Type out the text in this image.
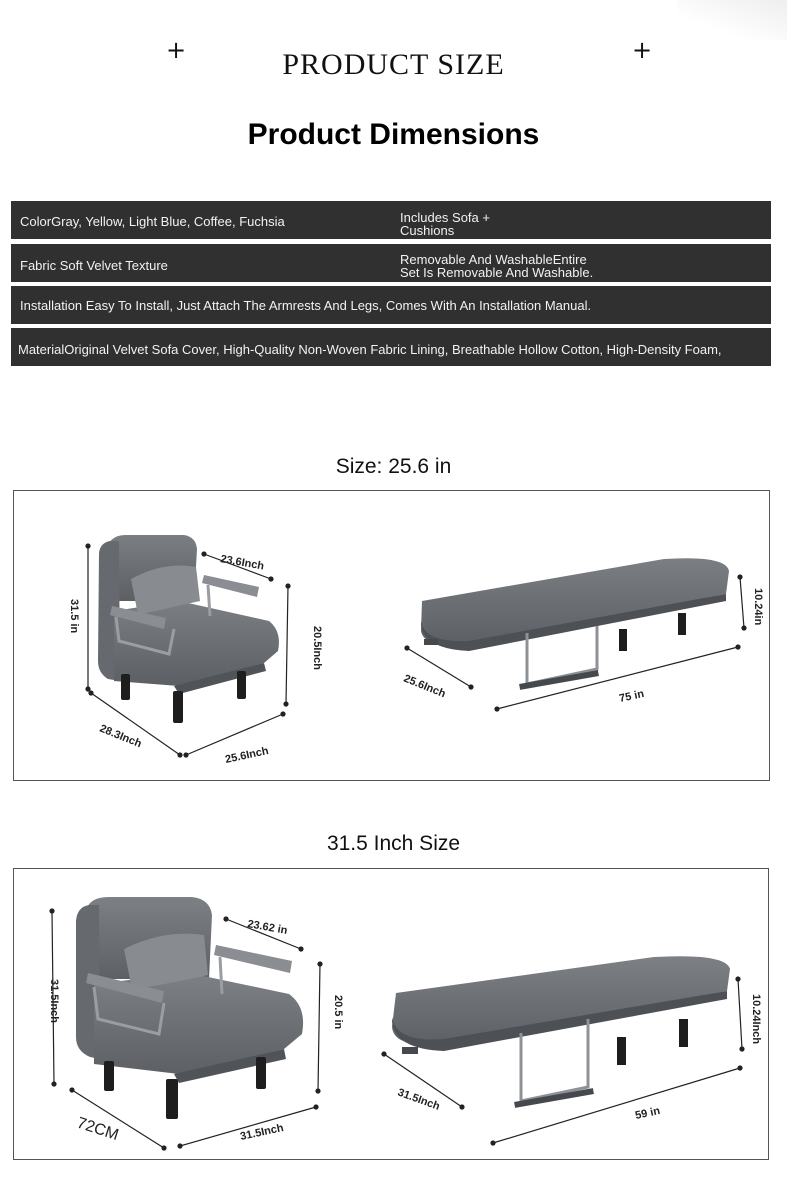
+	+
PRODUCT SIZE
Product Dimensions
ColorGray, Yellow, Light Blue, Coffee, Fuchsia	Includes Sofa +
Cushions
Fabric Soft Velvet Texture	Removable And WashableEntire
Set Is Removable And Washable.
Installation Easy To Install, Just Attach The Armrests And Legs, Comes With An Installation Manual.
MaterialOriginal Velvet Sofa Cover, High-Quality Non-Woven Fabric Lining, Breathable Hollow Cotton, High-Density Foam,
Size: 25.6 in
31.5 in
23.6Inch
20.5Inch
28.3Inch
25.6Inch
10.24in
25.6Inch	75 in
31.5 Inch Size
31.5Inch
23.62 in
20.5 in
72CM	31.5Inch
10.24Inch
31.5Inch
59 in
